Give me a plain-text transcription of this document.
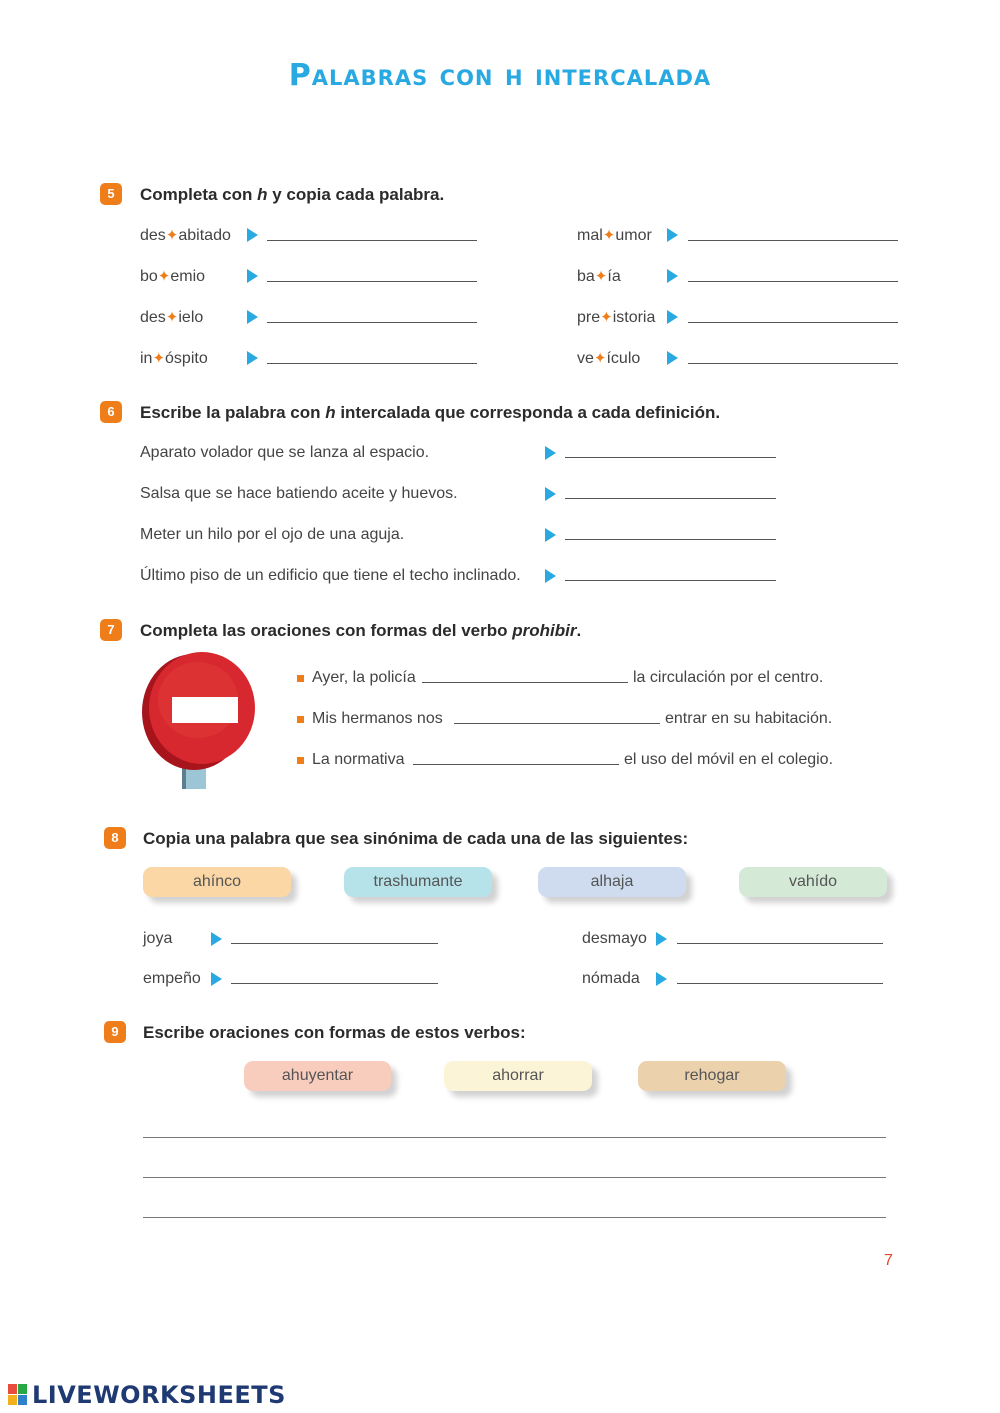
Palabras con h intercalada
5	Completa con h y copia cada palabra.
des✦abitado
bo✦emio
des✦ielo
in✦óspito
mal✦umor
ba✦ía
pre✦istoria
ve✦ículo
6	Escribe la palabra con h intercalada que corresponda a cada definición.
Aparato volador que se lanza al espacio.
Salsa que se hace batiendo aceite y huevos.
Meter un hilo por el ojo de una aguja.
Último piso de un edificio que tiene el techo inclinado.
7	Completa las oraciones con formas del verbo prohibir.
Ayer, la policía	la circulación por el centro.
Mis hermanos nos	entrar en su habitación.
La normativa	el uso del móvil en el colegio.
8	Copia una palabra que sea sinónima de cada una de las siguientes:
ahínco	trashumante	alhaja	vahído
joya
empeño
desmayo
nómada
9	Escribe oraciones con formas de estos verbos:
ahuyentar	ahorrar	rehogar
7
LIVEWORKSHEETS
